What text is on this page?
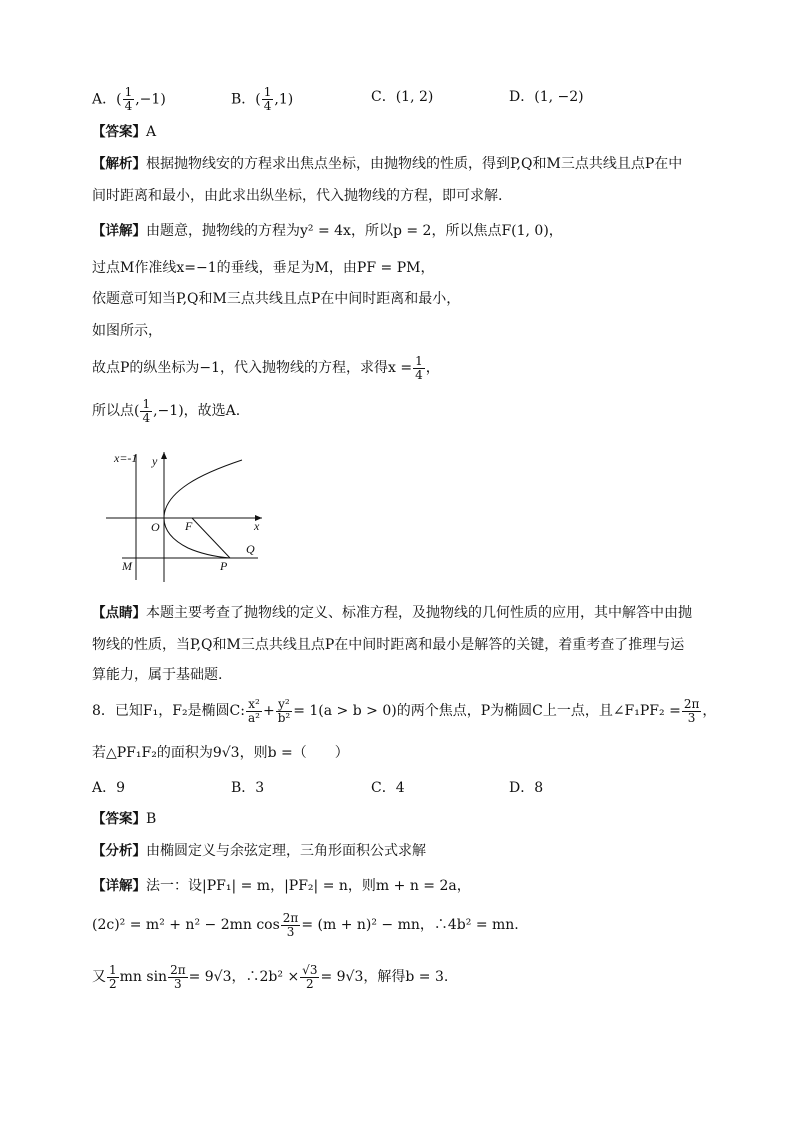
A．( $\frac{1}{4} ,-1$)	B．( $\frac{1}{4} ,1$)	C．(1, 2)	D．(1, −2)
【答案】A
【解析】根据抛物线安的方程求出焦点坐标，由抛物线的性质，得到P,Q和M三点共线且点P在中
间时距离和最小，由此求出纵坐标，代入抛物线的方程，即可求解.
【详解】由题意，抛物线的方程为y² = 4x，所以p = 2，所以焦点F(1, 0)，
过点M作准线x=−1的垂线，垂足为M，由PF = PM，
依题意可知当P,Q和M三点共线且点P在中间时距离和最小，
如图所示，
故点P的纵坐标为−1，代入抛物线的方程，求得$x = \frac{1}{4}$ ，
所以点( $\frac{1}{4} ,-1$)，故选A.
x=-1 y
x
O F
Q
M	P
【点睛】本题主要考查了抛物线的定义、标准方程，及抛物线的几何性质的应用，其中解答中由抛
物线的性质，当P,Q和M三点共线且点P在中间时距离和最小是解答的关键，着重考查了推理与运
算能力，属于基础题.
8．已知F₁，F₂是椭圆C: $\frac{\text{x²}}{\text{a²}} + \frac{\text{y²}}{\text{b²}} = 1(a > b > 0)$的两个焦点，P为椭圆C上一点，且∠F₁PF₂ = $\frac{2\pi}{3}$ ，
若△PF₁F₂的面积为9√3，则b =（　　）
A．9	B．3	C．4	D．8
【答案】B
【分析】由椭圆定义与余弦定理，三角形面积公式求解
【详解】法一：设|PF₁| = m，|PF₂| = n，则m + n = 2a，
(2c)² = m² + n² − 2mn $\cos \frac{2\pi}{3} = (m + n)^2$ − mn，∴4b² = mn.
又 $\frac{1}{2}$ mn $\sin \frac{2\pi}{3} = 9√3$，∴2b² × $\frac{√3}{2} = 9√3$，解得b = 3.
